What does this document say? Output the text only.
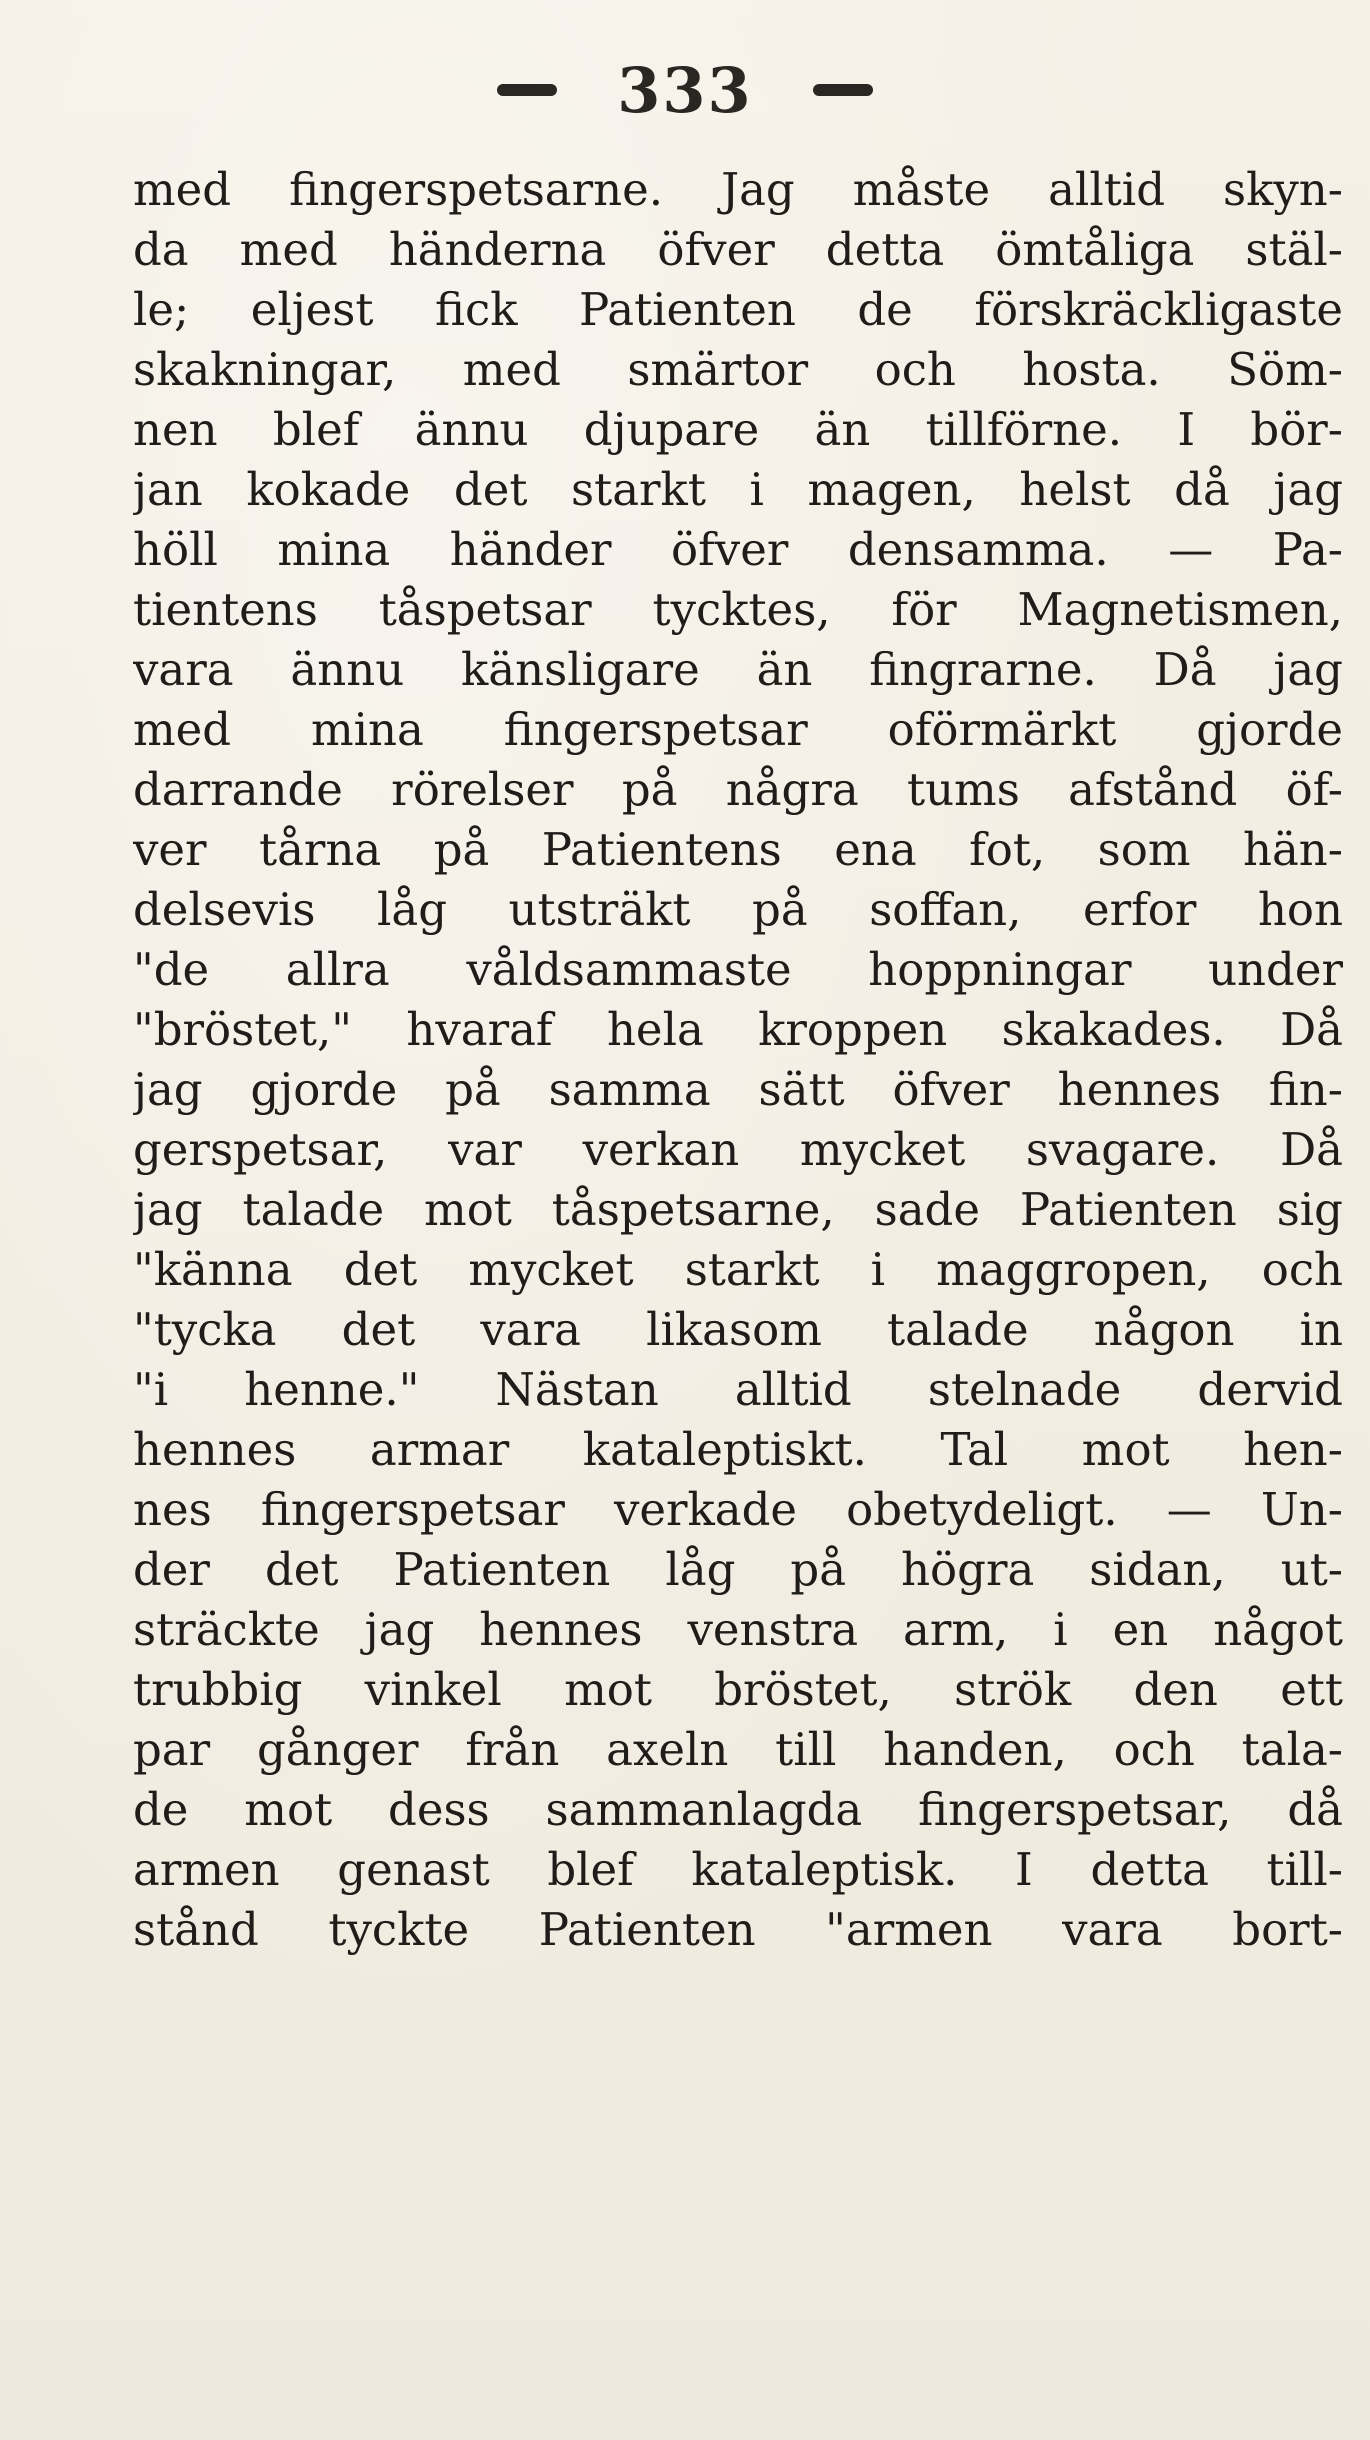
333
med fingerspetsarne. Jag måste alltid skyn-
da med händerna öfver detta ömtåliga stäl-
le; eljest fick Patienten de förskräckligaste
skakningar, med smärtor och hosta. Söm-
nen blef ännu djupare än tillförne. I bör-
jan kokade det starkt i magen, helst då jag
höll mina händer öfver densamma. — Pa-
tientens tåspetsar tycktes, för Magnetismen,
vara ännu känsligare än fingrarne. Då jag
med mina fingerspetsar oförmärkt gjorde
darrande rörelser på några tums afstånd öf-
ver tårna på Patientens ena fot, som hän-
delsevis låg utsträkt på soffan, erfor hon
"de allra våldsammaste hoppningar under
"bröstet," hvaraf hela kroppen skakades. Då
jag gjorde på samma sätt öfver hennes fin-
gerspetsar, var verkan mycket svagare. Då
jag talade mot tåspetsarne, sade Patienten sig
"känna det mycket starkt i maggropen, och
"tycka det vara likasom talade någon in
"i henne." Nästan alltid stelnade dervid
hennes armar kataleptiskt. Tal mot hen-
nes fingerspetsar verkade obetydeligt. — Un-
der det Patienten låg på högra sidan, ut-
sträckte jag hennes venstra arm, i en något
trubbig vinkel mot bröstet, strök den ett
par gånger från axeln till handen, och tala-
de mot dess sammanlagda fingerspetsar, då
armen genast blef kataleptisk. I detta till-
stånd tyckte Patienten "armen vara bort-
